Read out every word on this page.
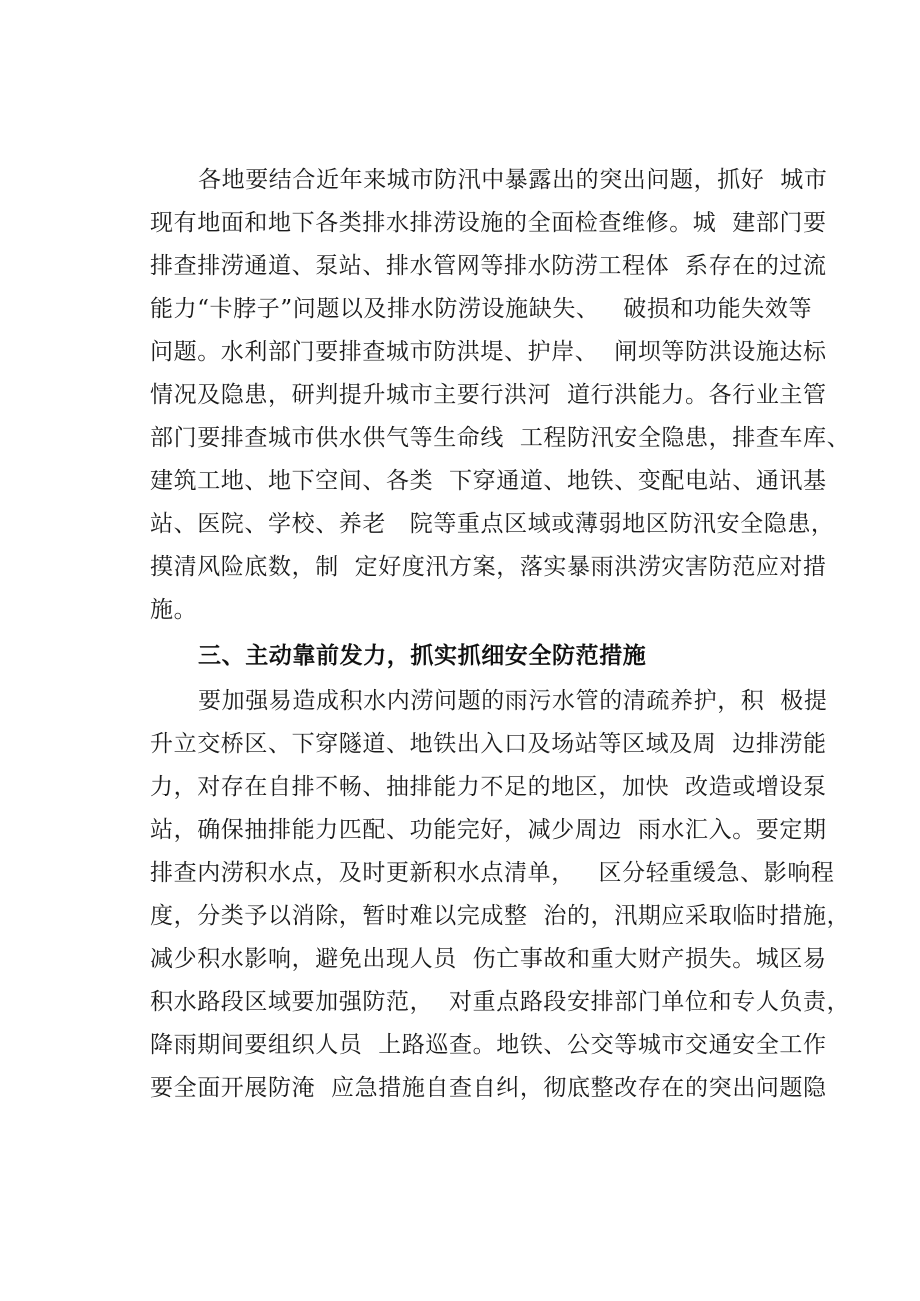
各地要结合近年来城市防汛中暴露出的突出问题，抓好  城市
现有地面和地下各类排水排涝设施的全面检查维修。城  建部门要
排查排涝通道、泵站、排水管网等排水防涝工程体  系存在的过流
能力“卡脖子”问题以及排水防涝设施缺失、   破损和功能失效等
问题。水利部门要排查城市防洪堤、护岸、  闸坝等防洪设施达标
情况及隐患，研判提升城市主要行洪河  道行洪能力。各行业主管
部门要排查城市供水供气等生命线  工程防汛安全隐患，排查车库、
建筑工地、地下空间、各类  下穿通道、地铁、变配电站、通讯基
站、医院、学校、养老   院等重点区域或薄弱地区防汛安全隐患，
摸清风险底数，制  定好度汛方案，落实暴雨洪涝灾害防范应对措
施。
三、主动靠前发力，抓实抓细安全防范措施
要加强易造成积水内涝问题的雨污水管的清疏养护，积  极提
升立交桥区、下穿隧道、地铁出入口及场站等区域及周  边排涝能
力，对存在自排不畅、抽排能力不足的地区，加快  改造或增设泵
站，确保抽排能力匹配、功能完好，减少周边  雨水汇入。要定期
排查内涝积水点，及时更新积水点清单，   区分轻重缓急、影响程
度，分类予以消除，暂时难以完成整  治的，汛期应采取临时措施，
减少积水影响，避免出现人员  伤亡事故和重大财产损失。城区易
积水路段区域要加强防范，  对重点路段安排部门单位和专人负责，
降雨期间要组织人员  上路巡查。地铁、公交等城市交通安全工作
要全面开展防淹  应急措施自查自纠，彻底整改存在的突出问题隐
